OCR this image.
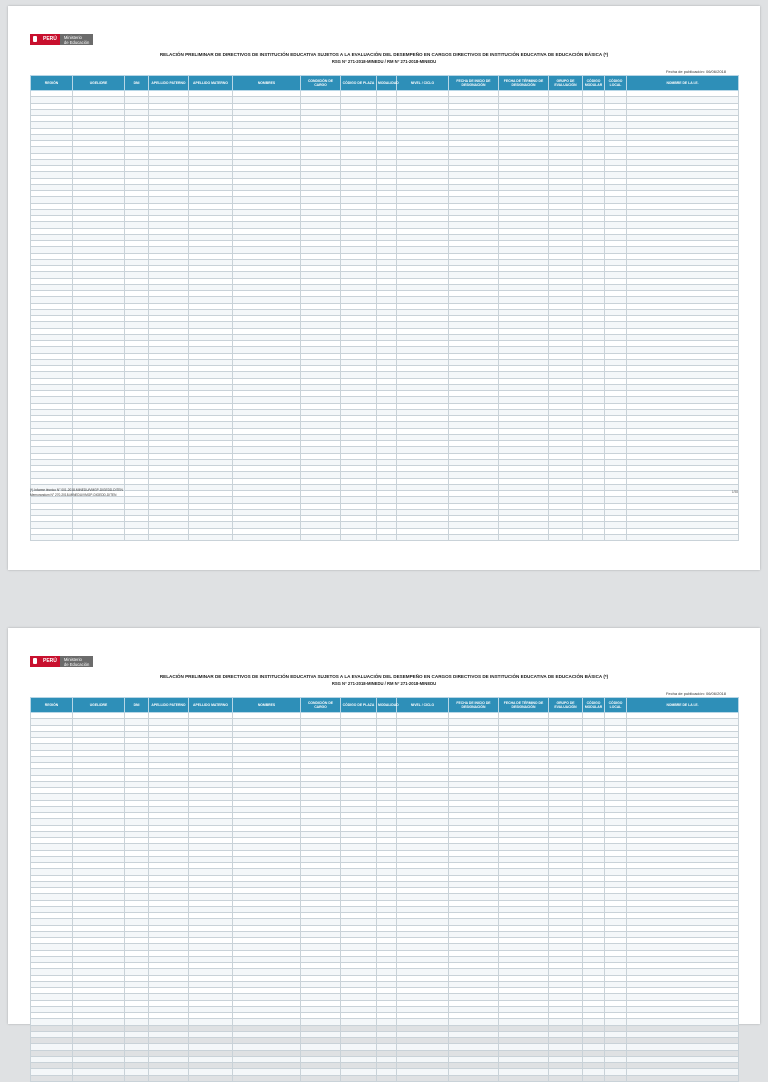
PERÚ	Ministerio
de Educación
RELACIÓN PRELIMINAR DE DIRECTIVOS DE INSTITUCIÓN EDUCATIVA SUJETOS A LA EVALUACIÓN DEL DESEMPEÑO EN CARGOS DIRECTIVOS DE INSTITUCIÓN EDUCATIVA DE EDUCACIÓN BÁSICA (*)
RSG N° 271-2018-MINEDU / RM N° 271-2018-MINEDU
Fecha de publicación: 06/06/2018
REGIÓN	UGEL/DRE	DNI	APELLIDO PATERNO	APELLIDO MATERNO	NOMBRES	CONDICIÓN DE CARGO	CÓDIGO DE PLAZA	MODALIDAD	NIVEL / CICLO	FECHA DE INICIO DE DESIGNACIÓN	FECHA DE TÉRMINO DE DESIGNACIÓN	GRUPO DE EVALUACIÓN	CÓDIGO MODULAR	CÓDIGO LOCAL	NOMBRE DE LA I.E.

(*) Informe técnico N° 001-2018-MINEDU/VMGP-DIGEDD-DITEN
Memorandum N° 270-2018-MINEDU/VMGP-DIGEDD-DITEN
1/58
PERÚ	Ministerio
de Educación
RELACIÓN PRELIMINAR DE DIRECTIVOS DE INSTITUCIÓN EDUCATIVA SUJETOS A LA EVALUACIÓN DEL DESEMPEÑO EN CARGOS DIRECTIVOS DE INSTITUCIÓN EDUCATIVA DE EDUCACIÓN BÁSICA (*)
RSG N° 271-2018-MINEDU / RM N° 271-2018-MINEDU
Fecha de publicación: 06/06/2018
REGIÓN	UGEL/DRE	DNI	APELLIDO PATERNO	APELLIDO MATERNO	NOMBRES	CONDICIÓN DE CARGO	CÓDIGO DE PLAZA	MODALIDAD	NIVEL / CICLO	FECHA DE INICIO DE DESIGNACIÓN	FECHA DE TÉRMINO DE DESIGNACIÓN	GRUPO DE EVALUACIÓN	CÓDIGO MODULAR	CÓDIGO LOCAL	NOMBRE DE LA I.E.
